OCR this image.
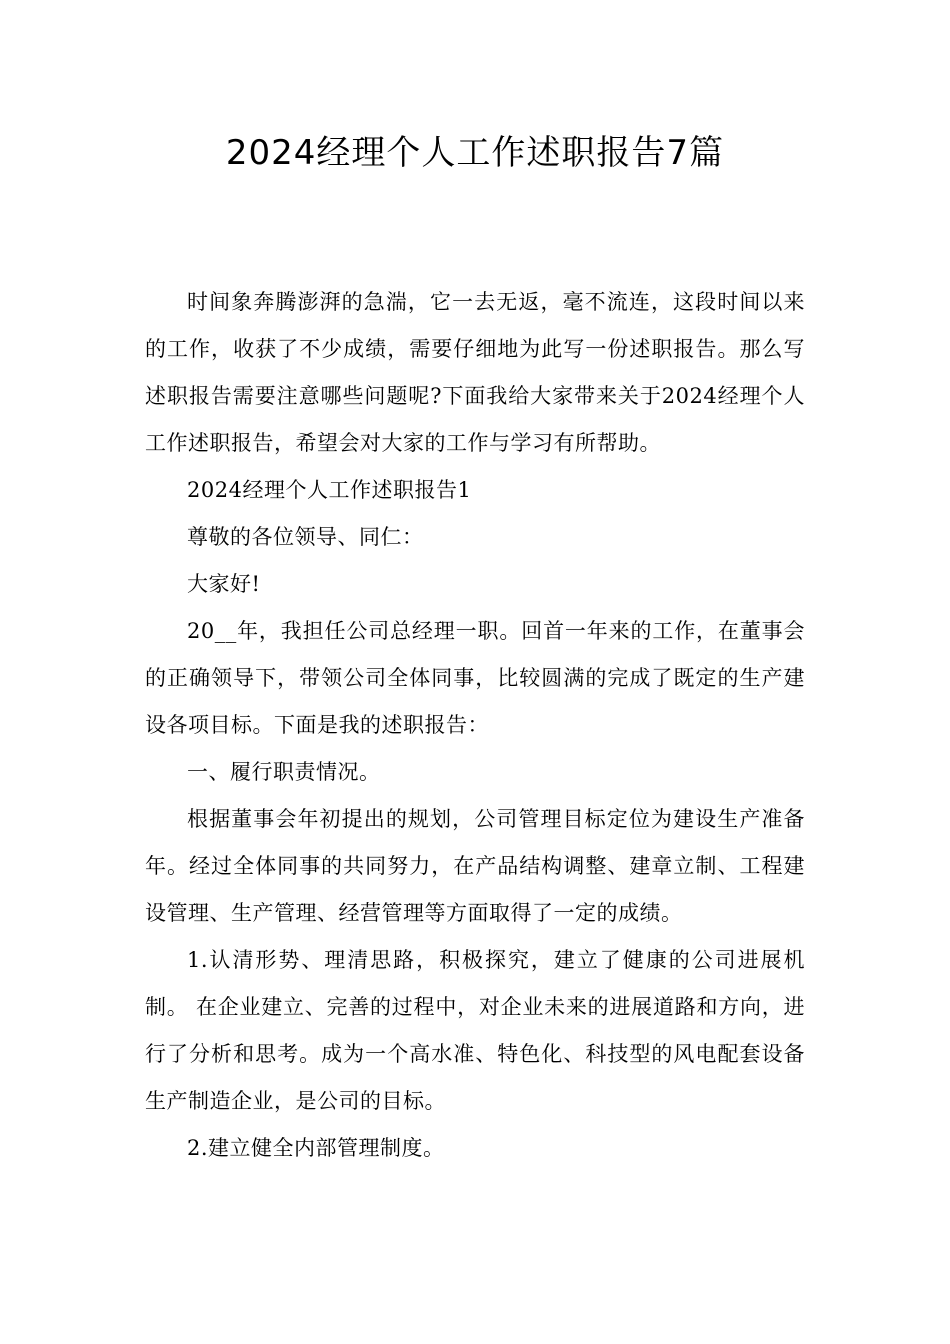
2024经理个人工作述职报告7篇

时间象奔腾澎湃的急湍，它一去无返，毫不流连，这段时间以来的工作，收获了不少成绩，需要仔细地为此写一份述职报告。那么写述职报告需要注意哪些问题呢?下面我给大家带来关于2024经理个人工作述职报告，希望会对大家的工作与学习有所帮助。

2024经理个人工作述职报告1

尊敬的各位领导、同仁：

大家好!

20__年，我担任公司总经理一职。回首一年来的工作，在董事会的正确领导下，带领公司全体同事，比较圆满的完成了既定的生产建设各项目标。下面是我的述职报告：

一、履行职责情况。

根据董事会年初提出的规划，公司管理目标定位为建设生产准备年。经过全体同事的共同努力，在产品结构调整、建章立制、工程建设管理、生产管理、经营管理等方面取得了一定的成绩。

1.认清形势、理清思路，积极探究，建立了健康的公司进展机制。 在企业建立、完善的过程中，对企业未来的进展道路和方向，进行了分析和思考。成为一个高水准、特色化、科技型的风电配套设备生产制造企业，是公司的目标。

2.建立健全内部管理制度。
